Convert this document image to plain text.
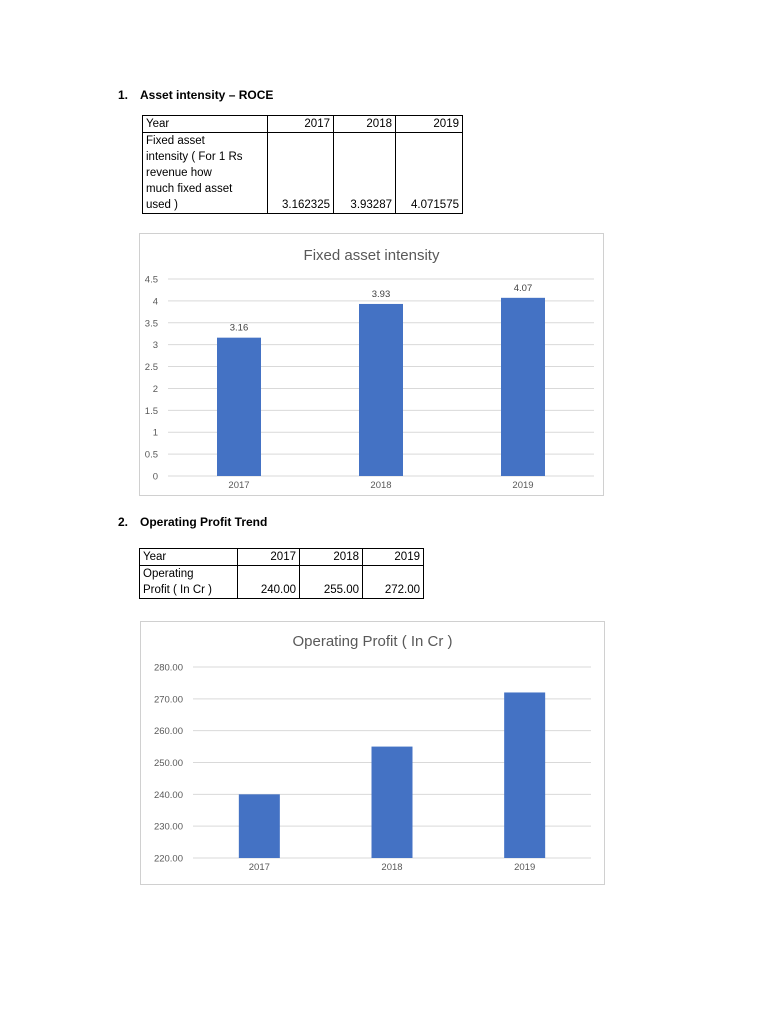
1. Asset intensity – ROCE
Year	2017	2018	2019

Fixed asset
intensity ( For 1 Rs
revenue how
much fixed asset
used )	3.162325	3.93287	4.071575
Fixed asset intensity
0
0.5
1
1.5
2
2.5
3
3.5
4
4.5
2017
3.16
2018
3.93
2019
4.07
2. Operating Profit Trend
Year	2017	2018	2019

Operating
Profit ( In Cr )	240.00	255.00	272.00
Operating Profit ( In Cr )
220.00
230.00
240.00
250.00
260.00
270.00
280.00
2017	2018	2019
